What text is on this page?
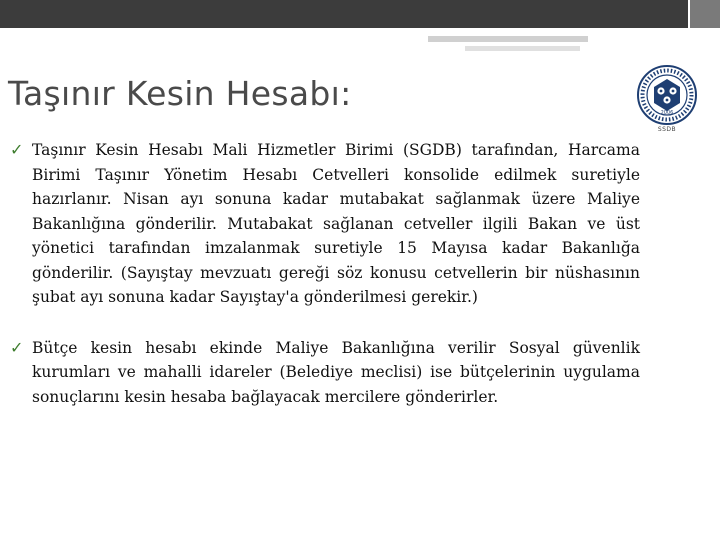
Taşınır Kesin Hesabı:	2006
SSDB
✓ Taşınır Kesin Hesabı Mali Hizmetler Birimi (SGDB) tarafından, Harcama Birimi Taşınır Yönetim Hesabı Cetvelleri konsolide edilmek suretiyle hazırlanır. Nisan ayı sonuna kadar mutabakat sağlanmak üzere Maliye Bakanlığına gönderilir. Mutabakat sağlanan cetveller ilgili Bakan ve üst yönetici tarafından imzalanmak suretiyle 15 Mayısa kadar Bakanlığa gönderilir. (Sayıştay mevzuatı gereği söz konusu cetvellerin bir nüshasının şubat ayı sonuna kadar Sayıştay'a gönderilmesi gerekir.)
✓ Bütçe kesin hesabı ekinde Maliye Bakanlığına verilir Sosyal güvenlik kurumları ve mahalli idareler (Belediye meclisi) ise bütçelerinin uygulama sonuçlarını kesin hesaba bağlayacak mercilere gönderirler.
